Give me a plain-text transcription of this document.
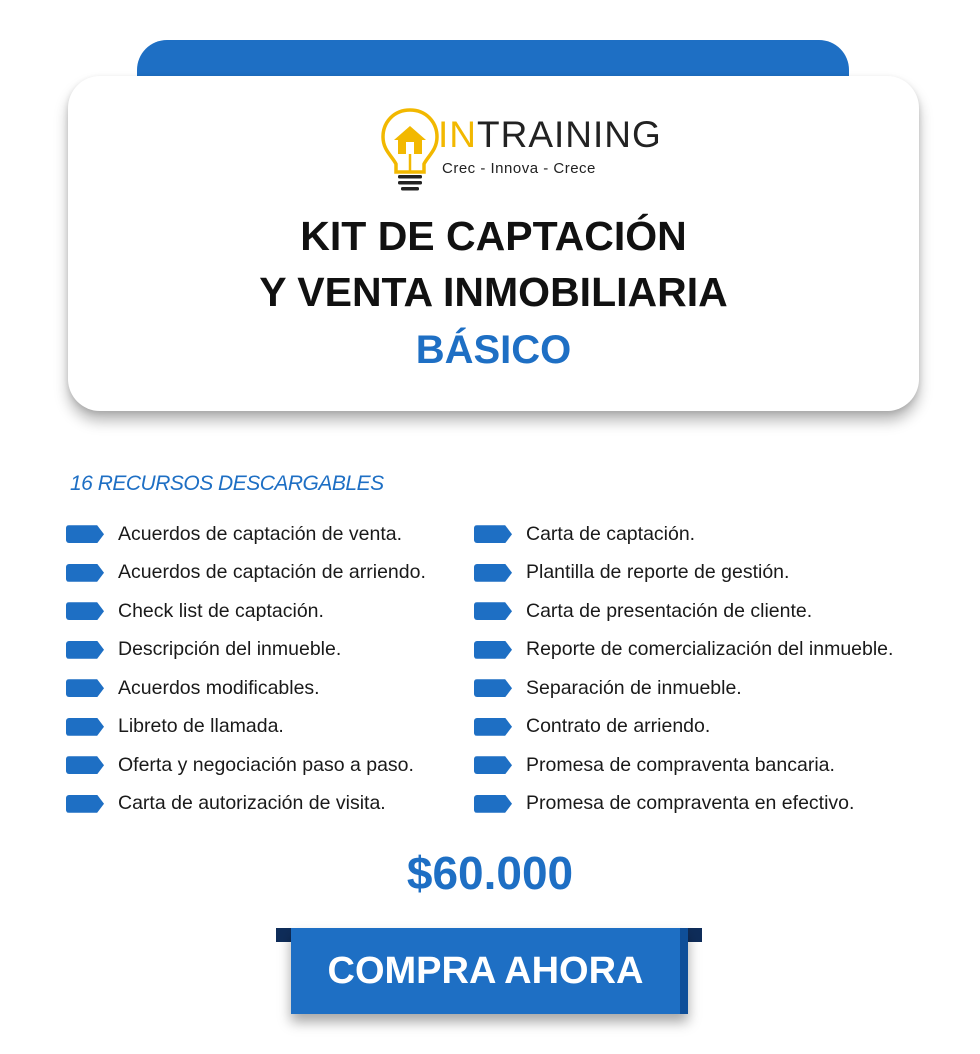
INTRAINING
Crec - Innova - Crece
KIT DE CAPTACIÓN
Y VENTA INMOBILIARIA
BÁSICO
16 RECURSOS DESCARGABLES
Acuerdos de captación de venta.
Acuerdos de captación de arriendo.
Check list de captación.
Descripción del inmueble.
Acuerdos modificables.
Libreto de llamada.
Oferta y negociación paso a paso.
Carta de autorización de visita.
Carta de captación.
Plantilla de reporte de gestión.
Carta de presentación de cliente.
Reporte de comercialización del inmueble.
Separación de inmueble.
Contrato de arriendo.
Promesa de compraventa bancaria.
Promesa de compraventa en efectivo.
$60.000
COMPRA AHORA
